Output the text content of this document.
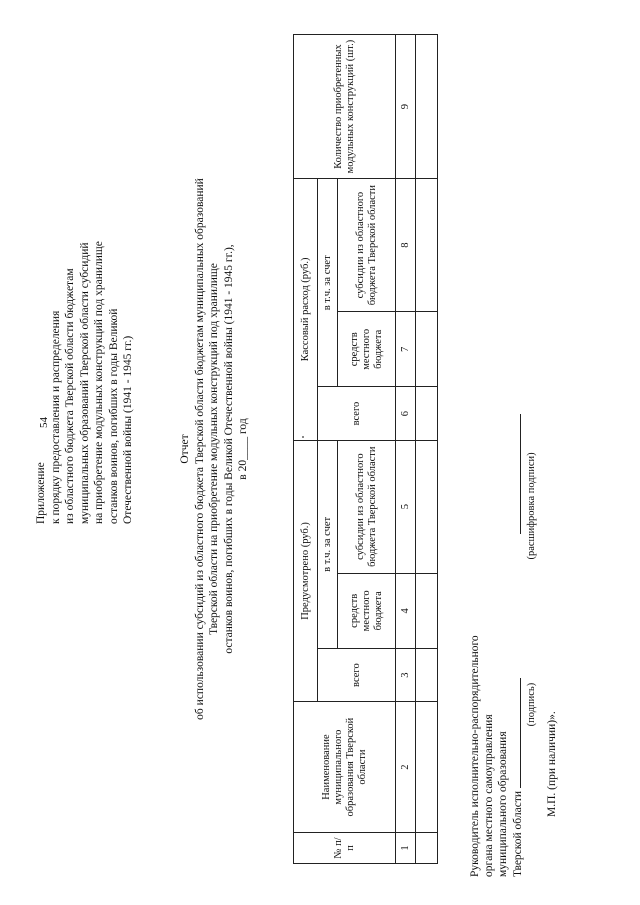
54
Приложение к порядку предоставления и распределения из областного бюджета Тверской области бюджетам муниципальных образований Тверской области субсидий на приобретение модульных конструкций под хранилище останков воинов, погибших в годы Великой Отечественной войны (1941 - 1945 гг.)	Отчет об использовании субсидий из областного бюджета Тверской области бюджетам муниципальных образований Тверской области на приобретение модульных конструкций под хранилище останков воинов, погибших в годы Великой Отечественной войны (1941 - 1945 гг.), в 20____ год
№ п/п	Наименование муниципального образования Тверской области	Предусмотрено (руб.)			Кассовый расход (руб.)			Количество приобретенных модульных конструкций (шт.)
		всего	в т.ч. за счет		всего	в т.ч. за счет		
			средств местного бюджета	субсидии из областного бюджета Тверской области		средств местного бюджета	субсидии из областного бюджета Тверской области	
1	2	3	4	5	6	7	8	9

Руководитель исполнительно-распорядительного органа местного самоуправления муниципального образования Тверской области
(подпись)  (расшифровка подписи)
М.П. (при наличии)».
